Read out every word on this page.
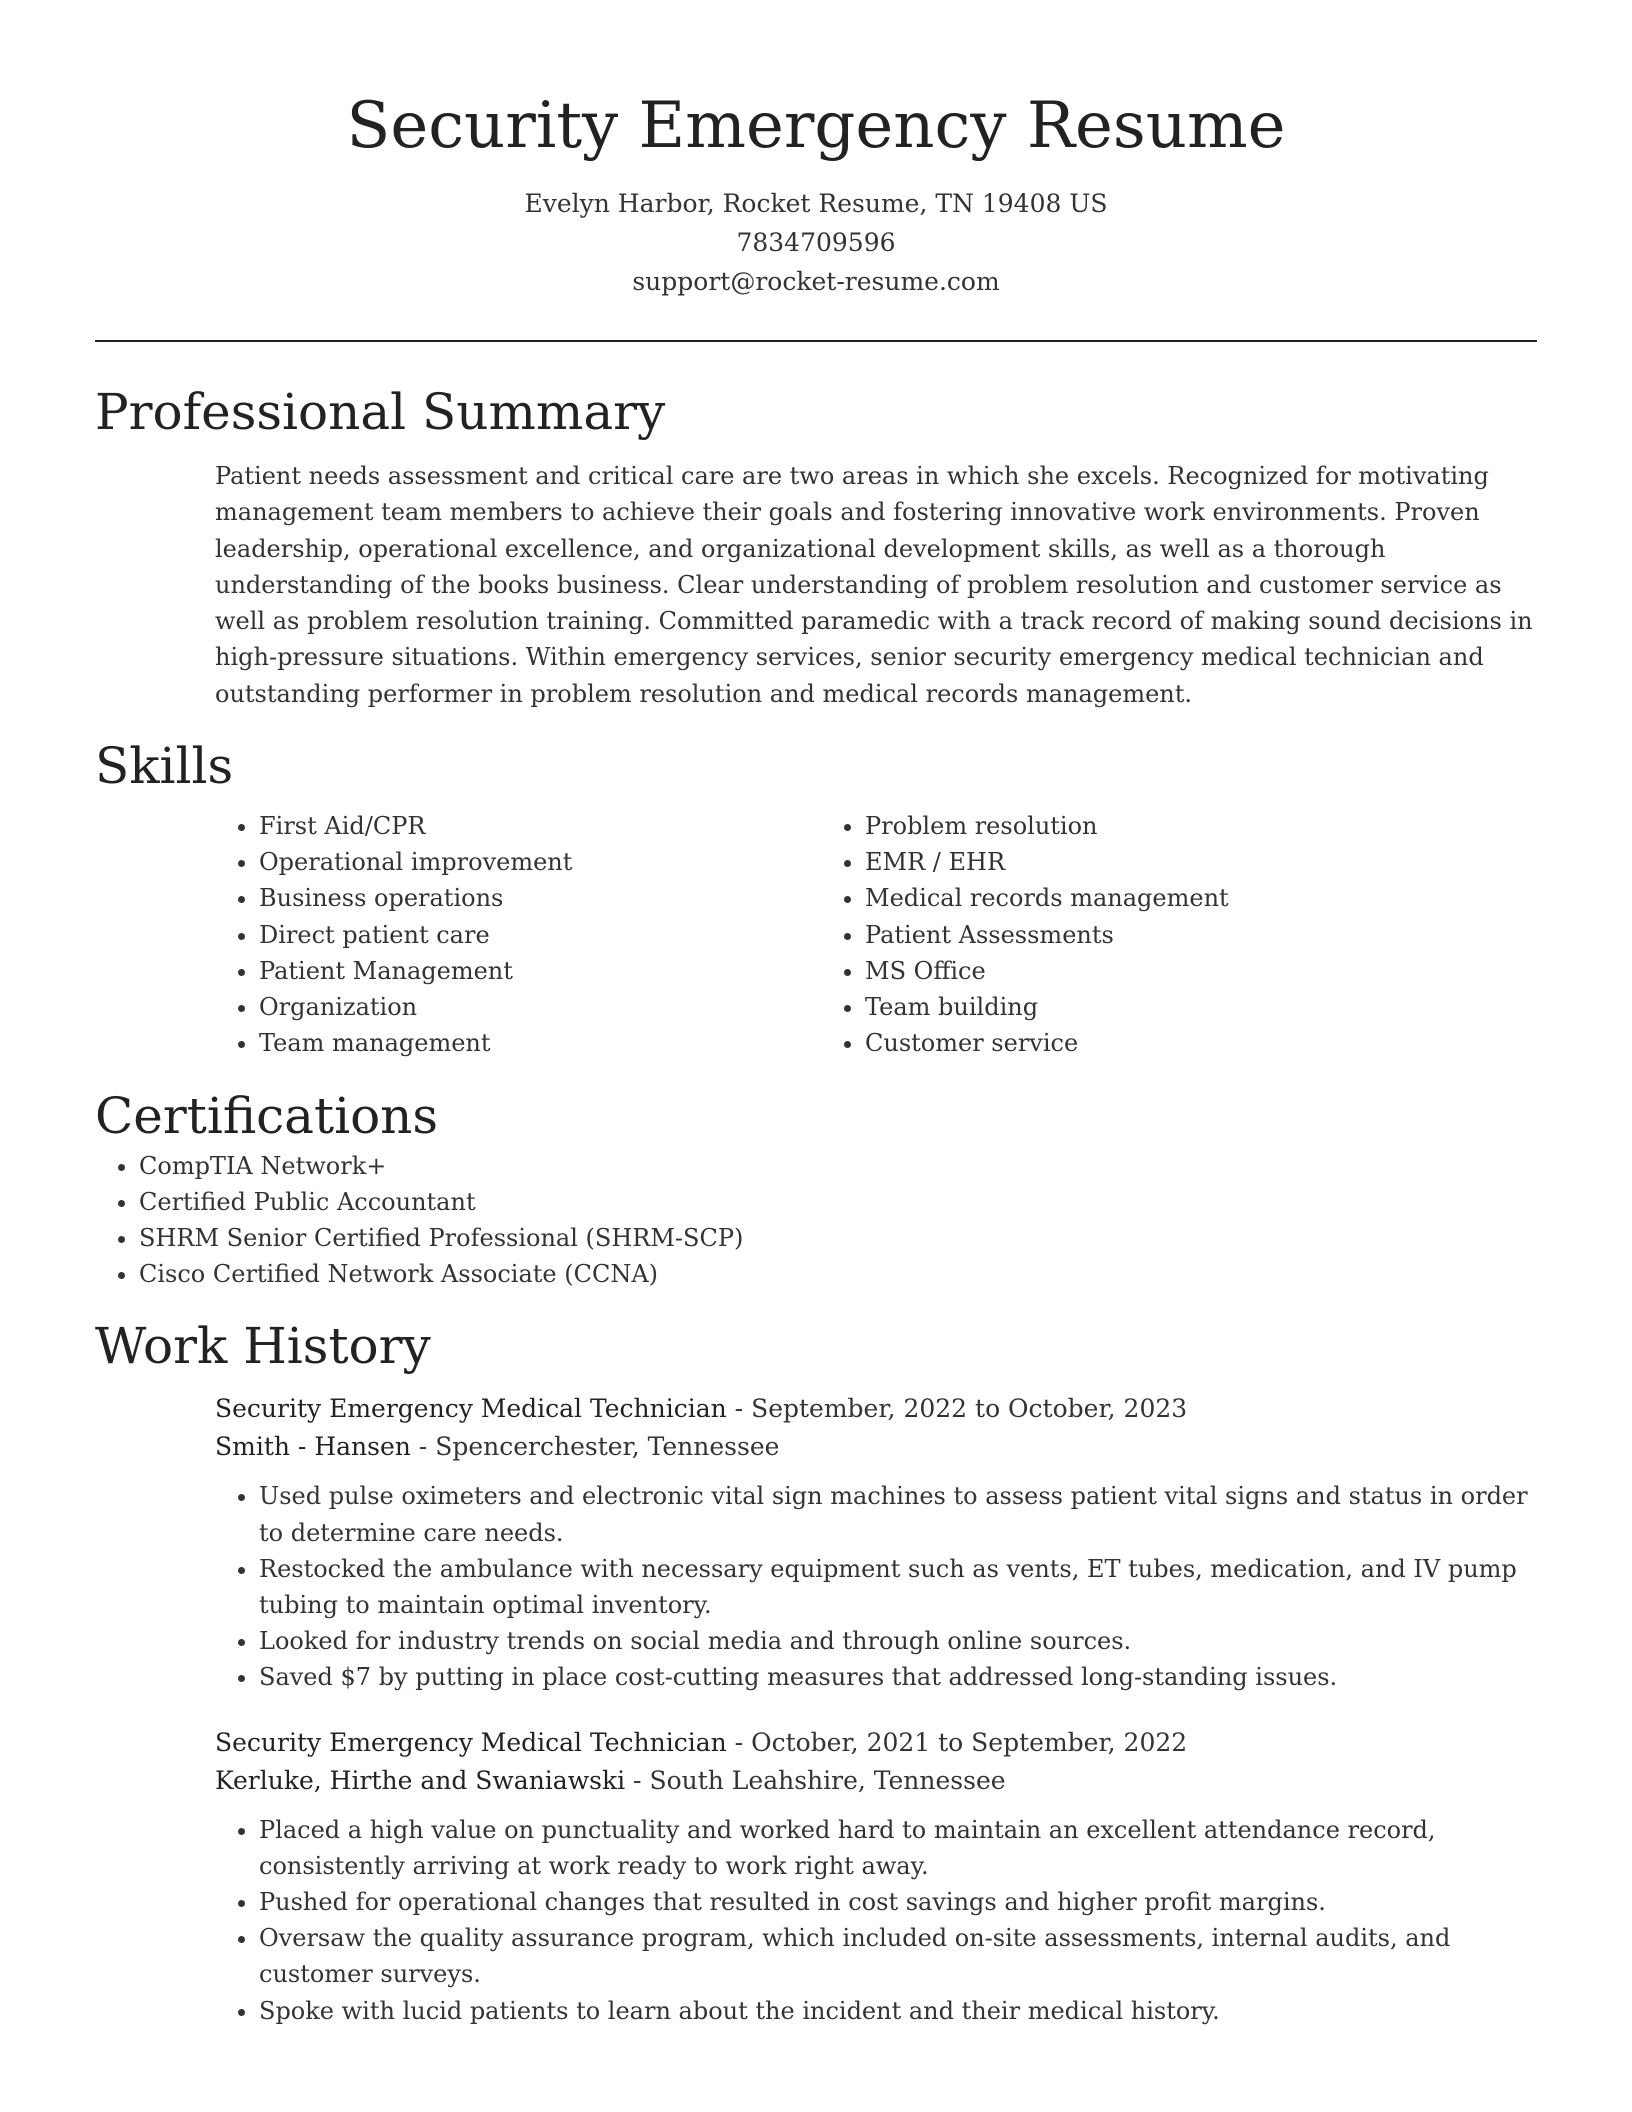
Security Emergency Resume
Evelyn Harbor, Rocket Resume, TN 19408 US
7834709596
support@rocket-resume.com
Professional Summary

Patient needs assessment and critical care are two areas in which she excels. Recognized for motivating management team members to achieve their goals and fostering innovative work environments. Proven leadership, operational excellence, and organizational development skills, as well as a thorough understanding of the books business. Clear understanding of problem resolution and customer service as well as problem resolution training. Committed paramedic with a track record of making sound decisions in high-pressure situations. Within emergency services, senior security emergency medical technician and outstanding performer in problem resolution and medical records management.

Skills
• First Aid/CPR
• Operational improvement
• Business operations
• Direct patient care
• Patient Management
• Organization
• Team management
• Problem resolution
• EMR / EHR
• Medical records management
• Patient Assessments
• MS Office
• Team building
• Customer service
Certifications
• CompTIA Network+
• Certified Public Accountant
• SHRM Senior Certified Professional (SHRM-SCP)
• Cisco Certified Network Associate (CCNA)
Work History
Security Emergency Medical Technician - September, 2022 to October, 2023
Smith - Hansen - Spencerchester, Tennessee
• Used pulse oximeters and electronic vital sign machines to assess patient vital signs and status in order to determine care needs.
• Restocked the ambulance with necessary equipment such as vents, ET tubes, medication, and IV pump tubing to maintain optimal inventory.
• Looked for industry trends on social media and through online sources.
• Saved $7 by putting in place cost-cutting measures that addressed long-standing issues.
Security Emergency Medical Technician - October, 2021 to September, 2022
Kerluke, Hirthe and Swaniawski - South Leahshire, Tennessee
• Placed a high value on punctuality and worked hard to maintain an excellent attendance record, consistently arriving at work ready to work right away.
• Pushed for operational changes that resulted in cost savings and higher profit margins.
• Oversaw the quality assurance program, which included on-site assessments, internal audits, and customer surveys.
• Spoke with lucid patients to learn about the incident and their medical history.
